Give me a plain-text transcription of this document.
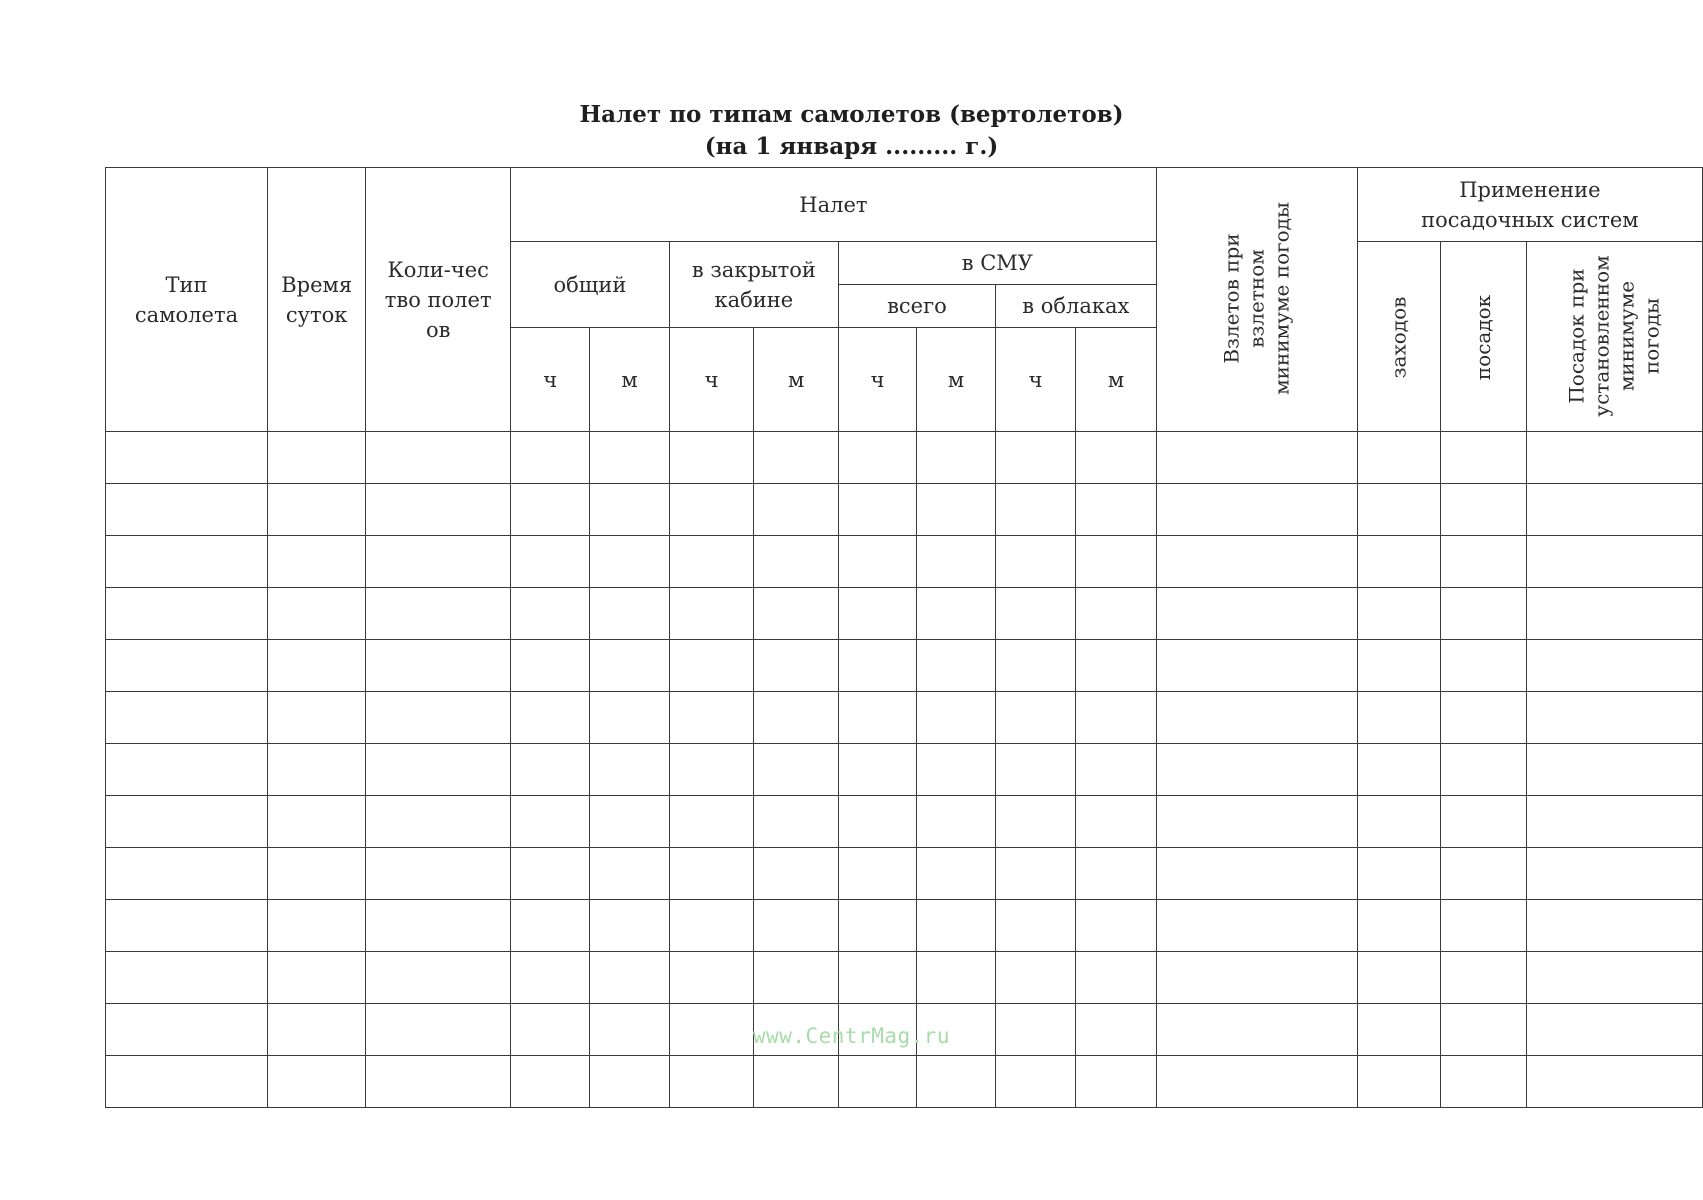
Налет по типам самолетов (вертолетов)
(на 1 января ......... г.)
Тип самолета	Время суток	Коли-чество полетов	Налет								Взлетов при взлетном минимуме погоды	Применение посадочных систем		
			общий		в закрытой кабине		в СМУ					заходов	посадок	Посадок при установленном минимуме погоды
							всего		в облаках					
			ч	м	ч	м	ч	м	ч	м				

www.CentrMag.ru
